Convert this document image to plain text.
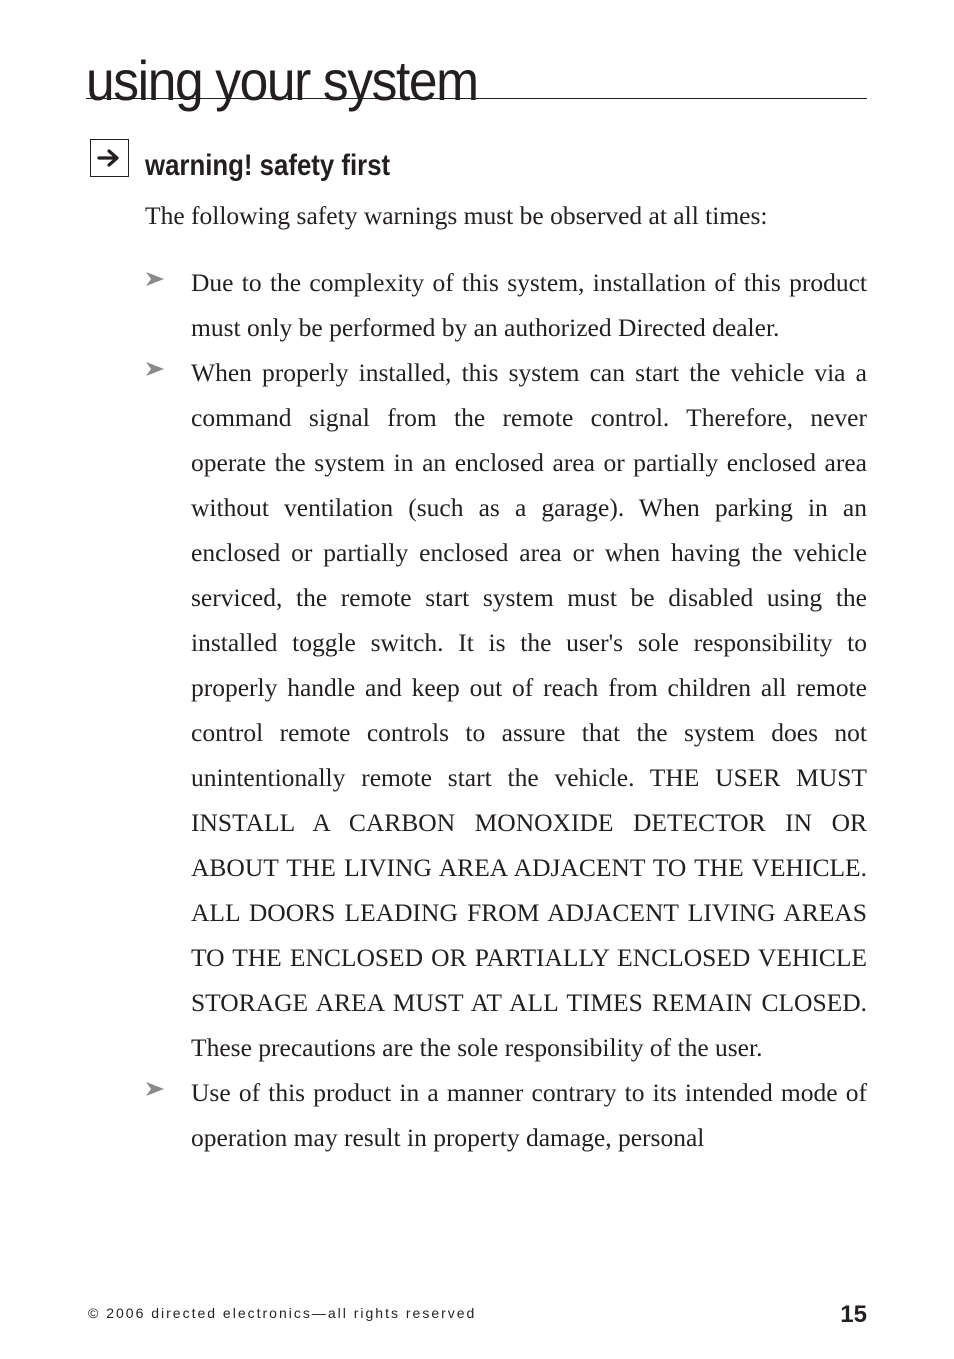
using your system
warning! safety first

The following safety warnings must be observed at all times:

Due to the complexity of this system, installation of this product must only be performed by an authorized Directed dealer.
When properly installed, this system can start the vehicle via a command signal from the remote control. Therefore, never operate the system in an enclosed area or partially enclosed area without ventilation (such as a garage). When parking in an enclosed or partially enclosed area or when having the vehicle serviced, the remote start system must be disabled using the installed toggle switch. It is the user's sole responsibility to properly handle and keep out of reach from children all remote control remote controls to assure that the system does not unintentionally remote start the vehicle. THE USER MUST INSTALL A CARBON MONOXIDE DETECTOR IN OR ABOUT THE LIVING AREA ADJACENT TO THE VEHICLE. ALL DOORS LEADING FROM ADJACENT LIVING AREAS TO THE ENCLOSED OR PARTIALLY ENCLOSED VEHICLE STORAGE AREA MUST AT ALL TIMES REMAIN CLOSED. These precautions are the sole responsibility of the user.
Use of this product in a manner contrary to its intended mode of operation may result in property damage, personal
© 2006 directed electronics—all rights reserved	15
